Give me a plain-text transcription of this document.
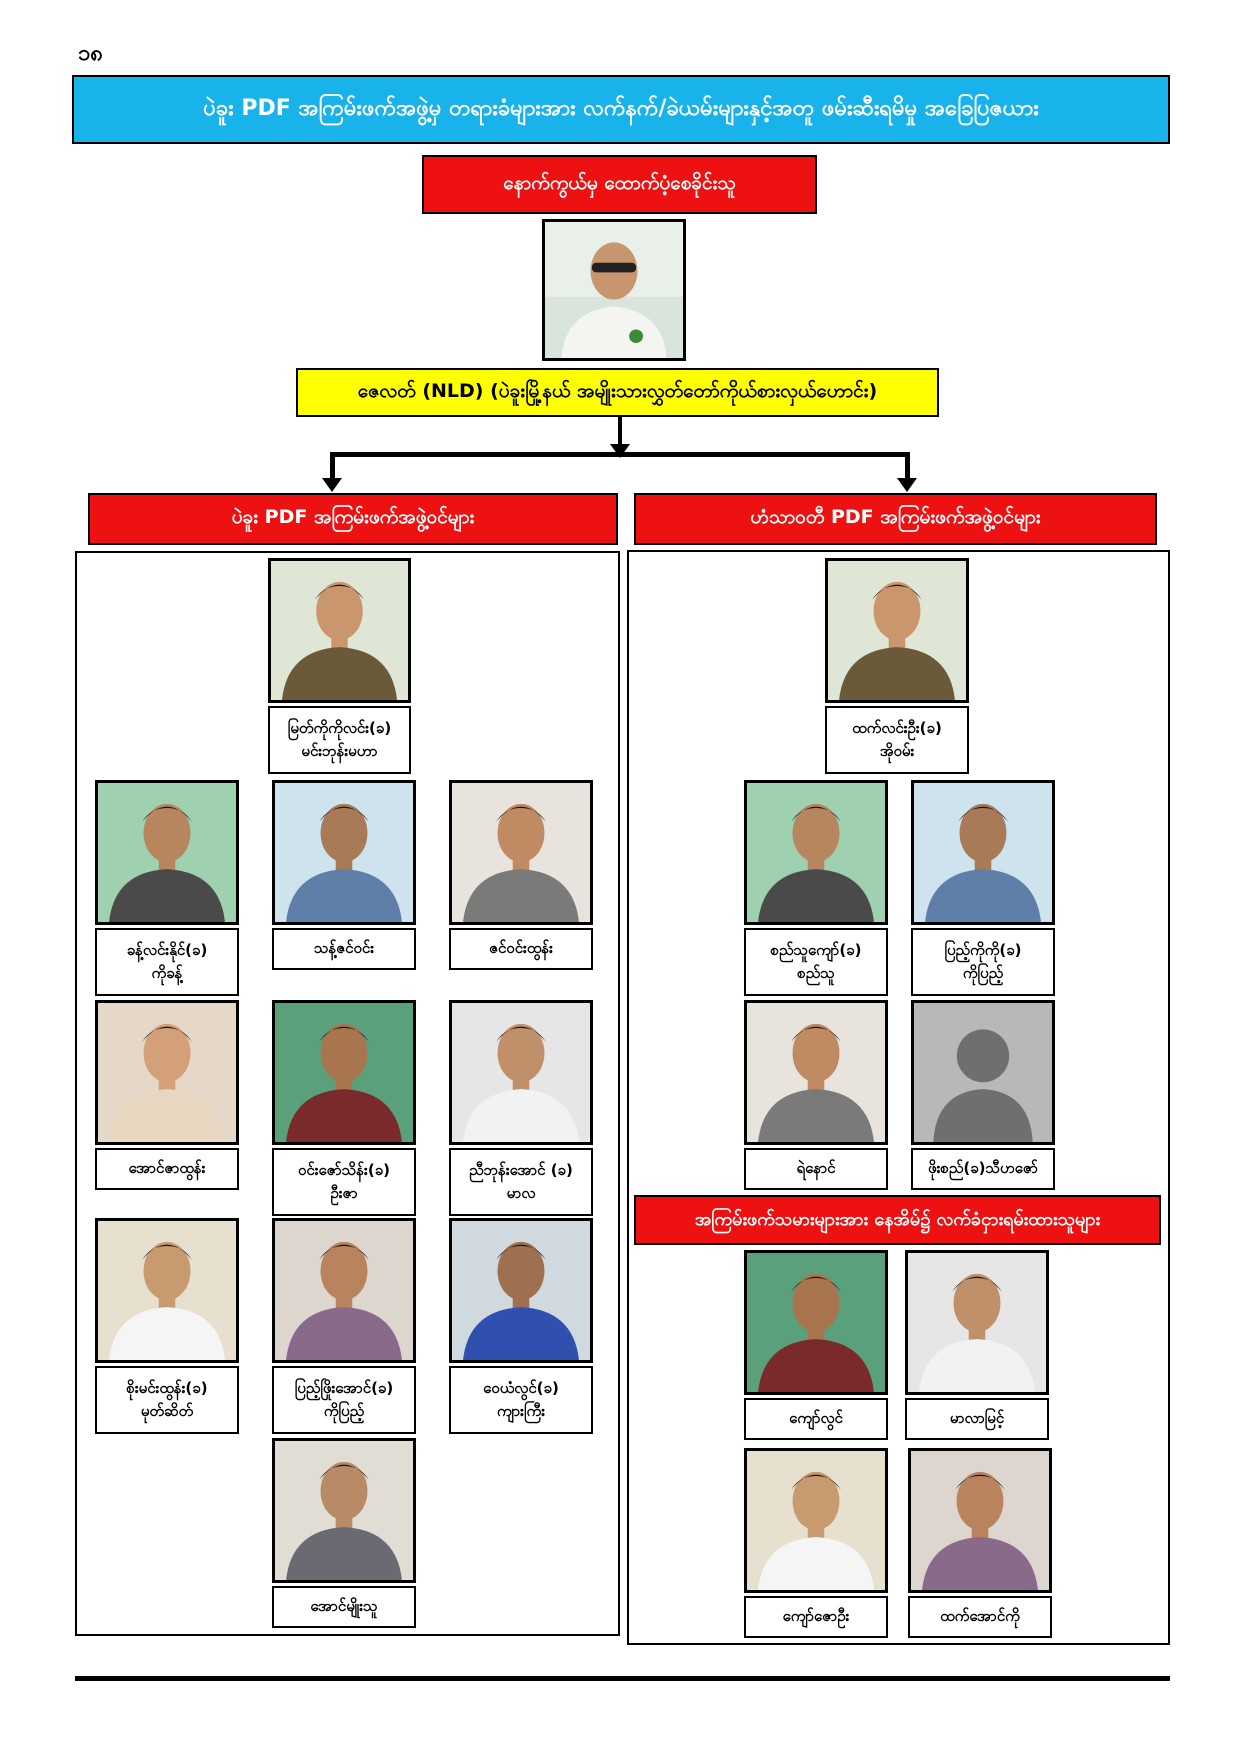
၁၈
ပဲခူး PDF အကြမ်းဖက်အဖွဲ့မှ တရားခံများအား လက်နက်/ခဲယမ်းများနှင့်အတူ ဖမ်းဆီးရမိမှု အခြေပြဇယား
နောက်ကွယ်မှ ထောက်ပံ့စေခိုင်းသူ
ဇေလတ် (NLD) (ပဲခူးမြို့နယ် အမျိုးသားလွှတ်တော်ကိုယ်စားလှယ်ဟောင်း)
ပဲခူး PDF အကြမ်းဖက်အဖွဲ့ဝင်များ	ဟံသာဝတီ PDF အကြမ်းဖက်အဖွဲ့ဝင်များ
အကြမ်းဖက်သမားများအား နေအိမ်၌ လက်ခံငှားရမ်းထားသူများ
မြတ်ကိုကိုလင်း(ခ)
မင်းဘုန်းမဟာ
ခန့်လင်းနိုင်(ခ)
ကိုခန့်
သန့်ဇင်ဝင်း	ဇင်ဝင်းထွန်း
အောင်ဇာထွန်း	ဝင်းဇော်သိန်း(ခ)
ဦးဇာ
ညီဘုန်းအောင် (ခ)
မာလ
စိုးမင်းထွန်း(ခ)
မုတ်ဆိတ်
ပြည့်ဖြိုးအောင်(ခ)
ကိုပြည့်
ဝေယံလွင်(ခ)
ကျားကြီး
အောင်မျိုးသူ
ထက်လင်းဦး(ခ)
အိုဝမ်း
စည်သူကျော်(ခ)
စည်သူ
ပြည့်ကိုကို(ခ)
ကိုပြည့်
ရဲနောင်	ဖိုးစည်(ခ)သီဟဇော်
ကျော်လွင်	မာလာမြင့်
ကျော်ဇောဦး	ထက်အောင်ကို
